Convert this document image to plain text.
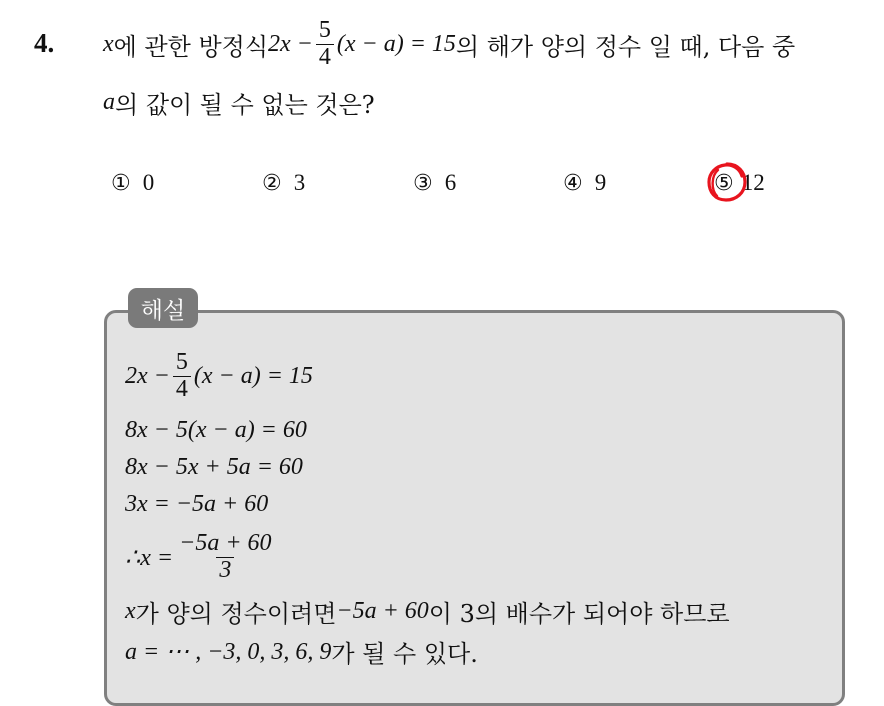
4. x 에 관한 방정식 $2x - \frac{5}{4} (x - a) = 15$ 의 해가 양의 정수 일 때, 다음 중
a 의 값이 될 수 없는 것은?
① 0	② 3	③ 6	④ 9	⑤ 12
해설
$2x - \frac{5}{4} (x - a) = 15$
8x − 5(x − a) = 60
8x − 5x + 5a = 60
3x = −5a + 60
∴x = $\frac{-5a + 60}{3}$
x 가 양의 정수이려면 −5a + 60 이 3의 배수가 되어야 하므로
a = ⋯ , −3, 0, 3, 6, 9 가 될 수 있다.
